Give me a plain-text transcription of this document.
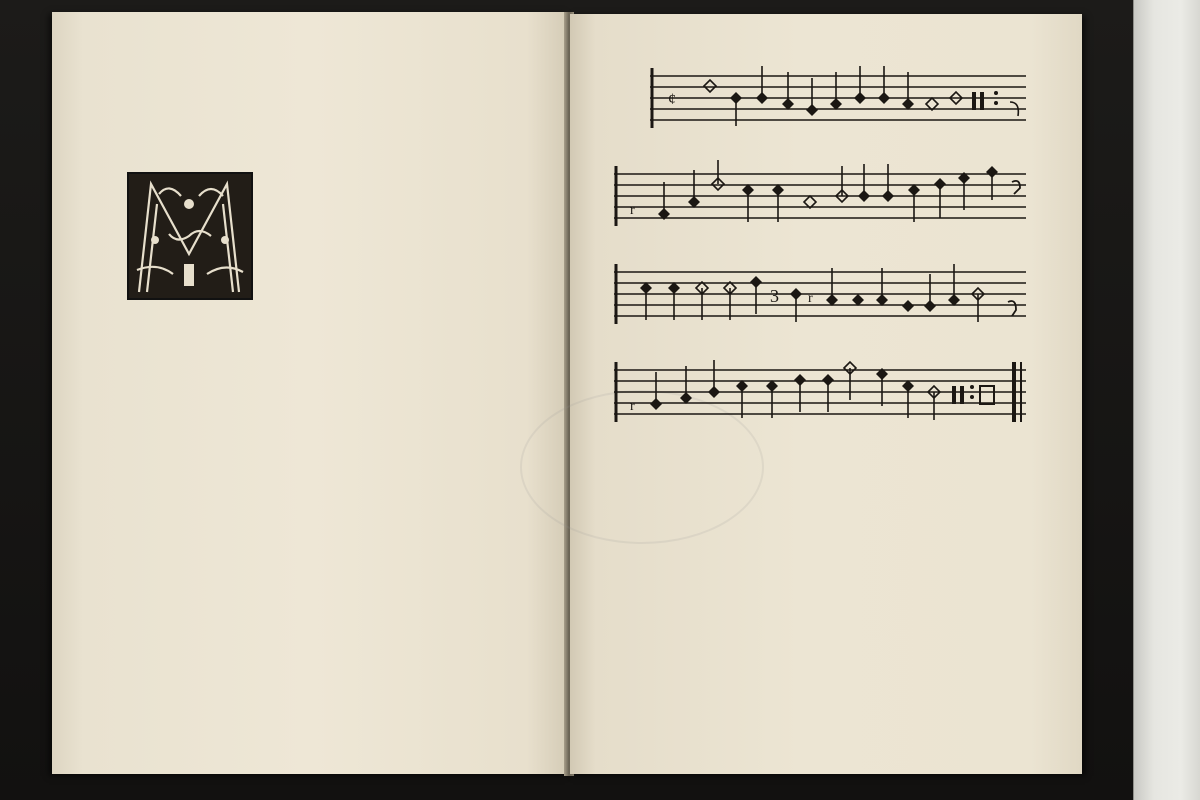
¢
r
3 r
r
